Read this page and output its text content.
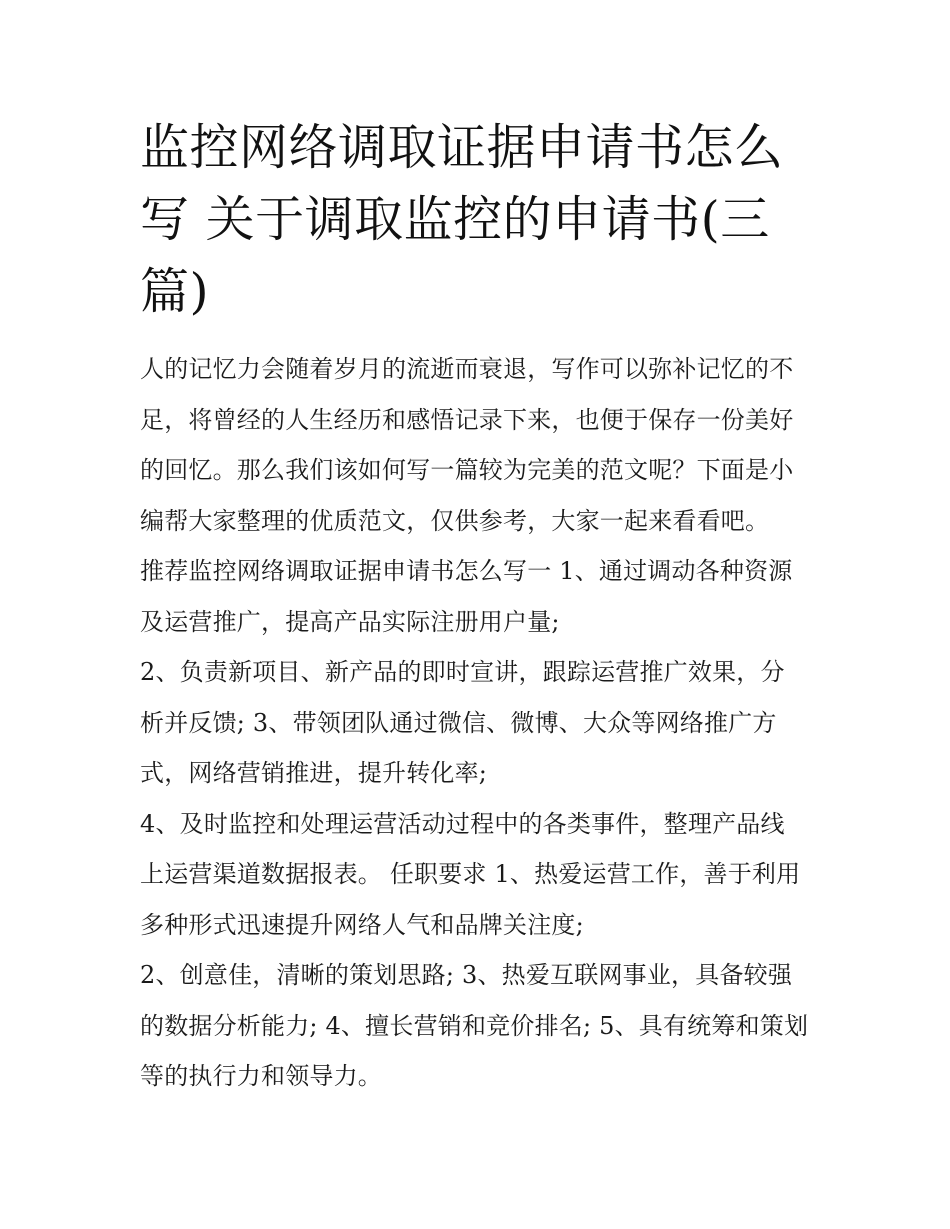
监控网络调取证据申请书怎么
写 关于调取监控的申请书(三
篇)
人的记忆力会随着岁月的流逝而衰退，写作可以弥补记忆的不
足，将曾经的人生经历和感悟记录下来，也便于保存一份美好
的回忆。那么我们该如何写一篇较为完美的范文呢？下面是小
编帮大家整理的优质范文，仅供参考，大家一起来看看吧。
推荐监控网络调取证据申请书怎么写一 1、通过调动各种资源
及运营推广，提高产品实际注册用户量;
2、负责新项目、新产品的即时宣讲，跟踪运营推广效果，分
析并反馈; 3、带领团队通过微信、微博、大众等网络推广方
式，网络营销推进，提升转化率;
4、及时监控和处理运营活动过程中的各类事件，整理产品线
上运营渠道数据报表。 任职要求 1、热爱运营工作，善于利用
多种形式迅速提升网络人气和品牌关注度;
2、创意佳，清晰的策划思路; 3、热爱互联网事业，具备较强
的数据分析能力; 4、擅长营销和竞价排名; 5、具有统筹和策划
等的执行力和领导力。
